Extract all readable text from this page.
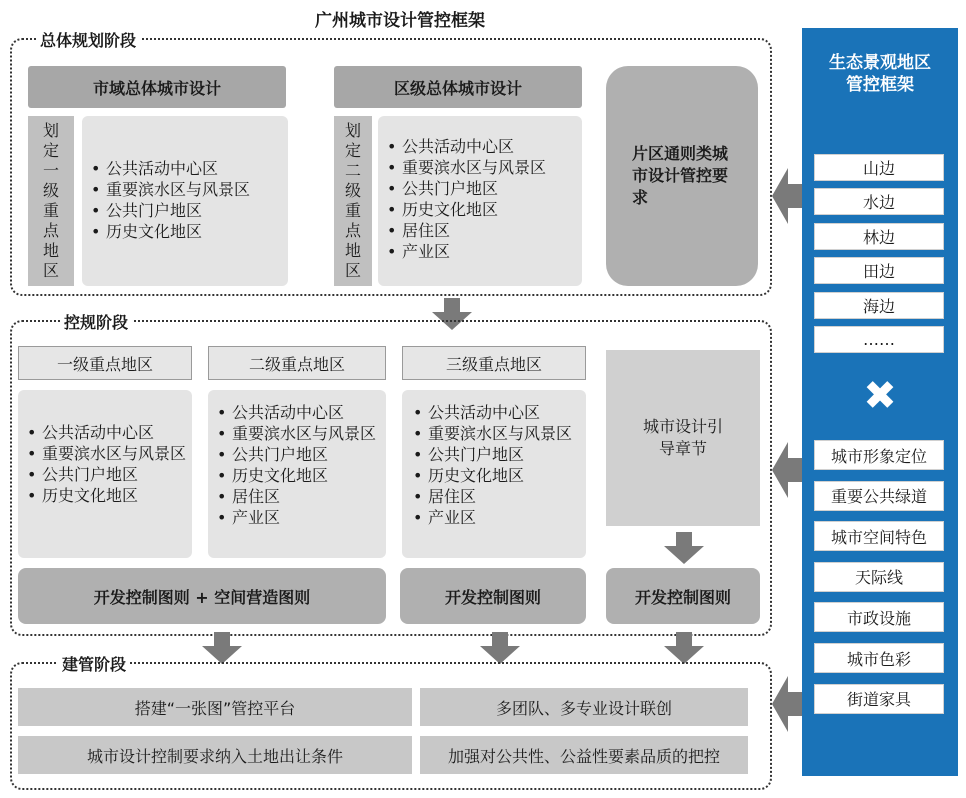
广州城市设计管控框架
总体规划阶段
市域总体城市设计
划定一级重点地区
• 公共活动中心区
• 重要滨水区与风景区
• 公共门户地区
• 历史文化地区
区级总体城市设计
划定二级重点地区
• 公共活动中心区
• 重要滨水区与风景区
• 公共门户地区
• 历史文化地区
• 居住区
• 产业区
片区通则类城市设计管控要求
控规阶段
一级重点地区
• 公共活动中心区
• 重要滨水区与风景区
• 公共门户地区
• 历史文化地区
二级重点地区
• 公共活动中心区
• 重要滨水区与风景区
• 公共门户地区
• 历史文化地区
• 居住区
• 产业区
三级重点地区
• 公共活动中心区
• 重要滨水区与风景区
• 公共门户地区
• 历史文化地区
• 居住区
• 产业区
城市设计引导章节
开发控制图则 + 空间营造图则	开发控制图则	开发控制图则
建管阶段
搭建“一张图”管控平台	多团队、多专业设计联创
城市设计控制要求纳入土地出让条件	加强对公共性、公益性要素品质的把控
生态景观地区管控框架
山边
水边
林边
田边
海边
……
✖
城市形象定位
重要公共绿道
城市空间特色
天际线
市政设施
城市色彩
街道家具
